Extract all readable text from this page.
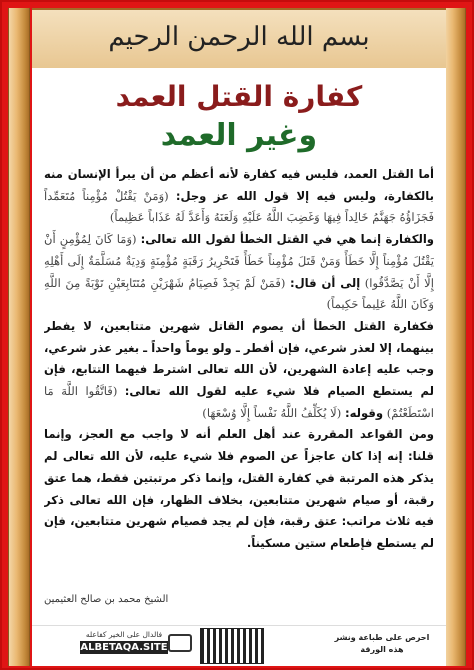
بسم الله الرحمن الرحيم
كفارة القتل العمد
وغير العمد

أما القتل العمد، فليس فيه كفارة لأنه أعظم من أن يبرأ الإنسان منه بالكفارة، وليس فيه إلا قول الله عز وجل: (وَمَنْ يَقْتُلْ مُؤْمِناً مُتَعَمِّداً فَجَزَاؤُهُ جَهَنَّمُ خَالِداً فِيهَا وَغَضِبَ اللَّهُ عَلَيْهِ وَلَعَنَهُ وَأَعَدَّ لَهُ عَذَاباً عَظِيماً)

والكفارة إنما هي في القتل الخطأ لقول الله تعالى: (وَمَا كَانَ لِمُؤْمِنٍ أَنْ يَقْتُلَ مُؤْمِناً إِلَّا خَطَأً وَمَنْ قَتَلَ مُؤْمِناً خَطَأً فَتَحْرِيرُ رَقَبَةٍ مُؤْمِنَةٍ وَدِيَةٌ مُسَلَّمَةٌ إِلَى أَهْلِهِ إِلَّا أَنْ يَصَّدَّقُوا) إلى أن قال: (فَمَنْ لَمْ يَجِدْ فَصِيَامُ شَهْرَيْنِ مُتَتَابِعَيْنِ تَوْبَةً مِنَ اللَّهِ وَكَانَ اللَّهُ عَلِيماً حَكِيماً)

فكفارة القتل الخطأ أن يصوم القاتل شهرين متتابعين، لا يفطر بينهما، إلا لعذر شرعي، فإن أفطر ـ ولو يوماً واحداً ـ بغير عذر شرعي، وجب عليه إعادة الشهرين، لأن الله تعالى اشترط فيهما التتابع، فإن لم يستطع الصيام فلا شيء عليه لقول الله تعالى: (فَاتَّقُوا اللَّهَ مَا اسْتَطَعْتُمْ) وقوله: (لَا يُكَلِّفُ اللَّهُ نَفْساً إِلَّا وُسْعَهَا)

ومن القواعد المقررة عند أهل العلم أنه لا واجب مع العجز، وإنما قلنا: إنه إذا كان عاجزاً عن الصوم فلا شيء عليه، لأن الله تعالى لم يذكر هذه المرتبة في كفارة القتل، وإنما ذكر مرتبتين فقط، هما عتق رقبة، أو صيام شهرين متتابعين، بخلاف الظهار، فإن الله تعالى ذكر فيه ثلاث مراتب: عتق رقبة، فإن لم يجد فصيام شهرين متتابعين، فإن لم يستطع فإطعام ستين مسكيناً.

الشيخ محمد بن صالح العثيمين
فالدال على الخير كفاعله
ALBETAQA.SITE
احرص على طباعة ونشر هذه الورقة
